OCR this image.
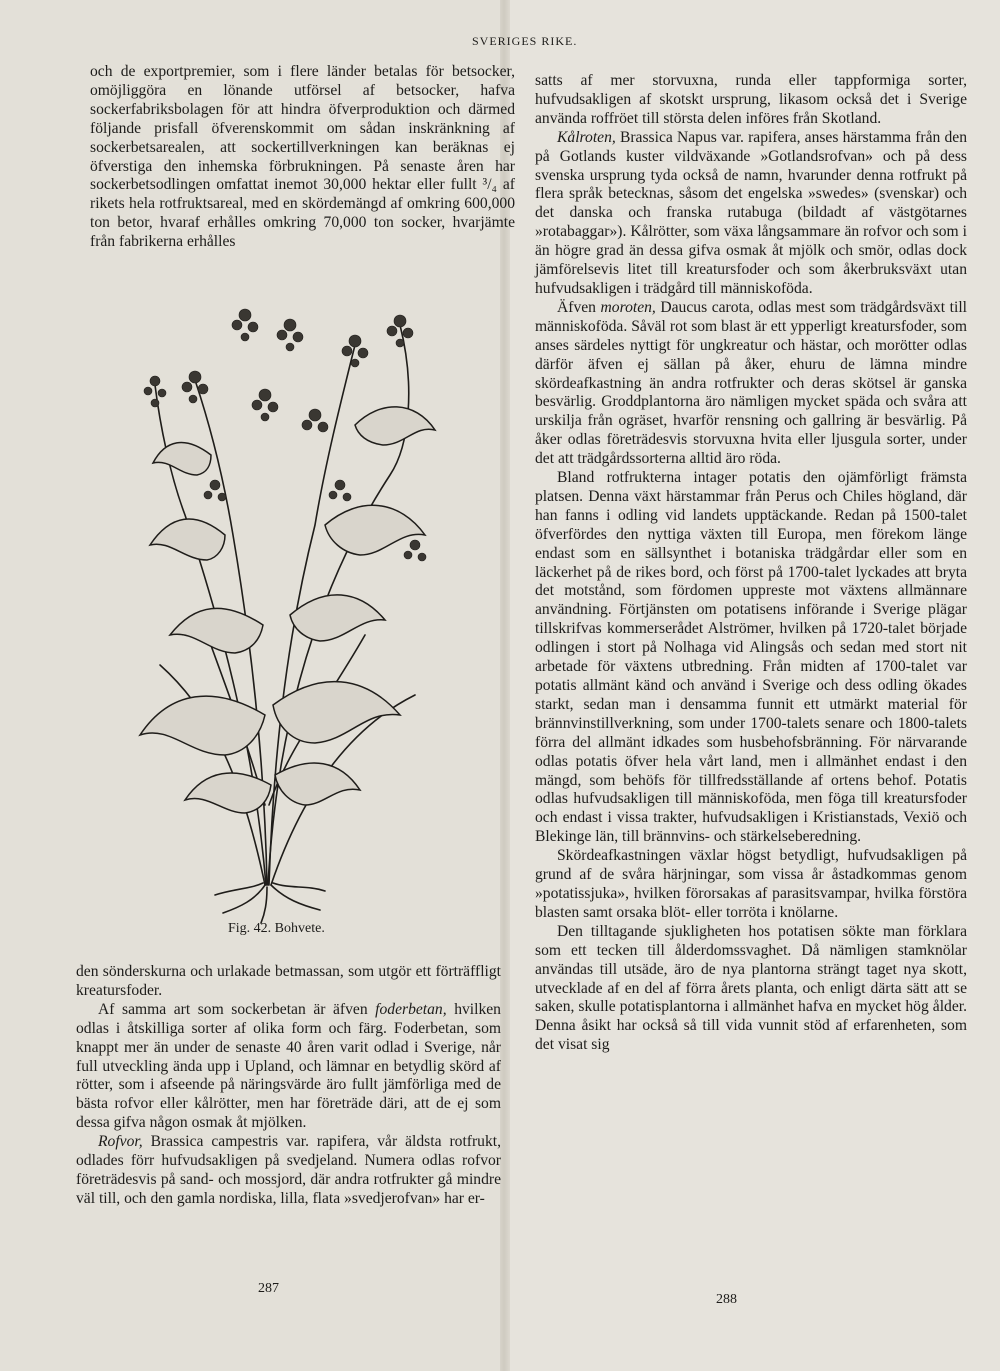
SVERIGES RIKE.

och de exportpremier, som i flere länder betalas för betsocker, omöjliggöra en lönande utförsel af betsocker, hafva sockerfabriksbolagen för att hindra öfverproduktion och därmed följande prisfall öfverenskommit om sådan inskränkning af sockerbetsarealen, att sockertillverkningen kan beräknas ej öfverstiga den inhemska förbrukningen. På senaste åren har sockerbetsodlingen omfattat inemot 30,000 hektar eller fullt ³/₄ af rikets hela rotfruktsareal, med en skördemängd af omkring 600,000 ton betor, hvaraf erhålles omkring 70,000 ton socker, hvarjämte från fabrikerna erhålles

Fig. 42. Bohvete.

den sönderskurna och urlakade betmassan, som utgör ett förträffligt kreatursfoder.

Af samma art som sockerbetan är äfven foderbetan, hvilken odlas i åtskilliga sorter af olika form och färg. Foderbetan, som knappt mer än under de senaste 40 åren varit odlad i Sverige, når full utveckling ända upp i Upland, och lämnar en betydlig skörd af rötter, som i afseende på näringsvärde äro fullt jämförliga med de bästa rofvor eller kålrötter, men har företräde däri, att de ej som dessa gifva någon osmak åt mjölken.

Rofvor, Brassica campestris var. rapifera, vår äldsta rotfrukt, odlades förr hufvudsakligen på svedjeland. Numera odlas rofvor företrädesvis på sand- och mossjord, där andra rotfrukter gå mindre väl till, och den gamla nordiska, lilla, flata »svedjerofvan» har er-

287

satts af mer storvuxna, runda eller tappformiga sorter, hufvudsakligen af skotskt ursprung, likasom också det i Sverige använda roffröet till största delen införes från Skotland.

Kålroten, Brassica Napus var. rapifera, anses härstamma från den på Gotlands kuster vildväxande »Gotlandsrofvan» och på dess svenska ursprung tyda också de namn, hvarunder denna rotfrukt på flera språk betecknas, såsom det engelska »swedes» (svenskar) och det danska och franska rutabuga (bildadt af västgötarnes »rotabaggar»). Kålrötter, som växa långsammare än rofvor och som i än högre grad än dessa gifva osmak åt mjölk och smör, odlas dock jämförelsevis litet till kreatursfoder och som åkerbruksväxt utan hufvudsakligen i trädgård till människoföda.

Äfven moroten, Daucus carota, odlas mest som trädgårdsväxt till människoföda. Såväl rot som blast är ett ypperligt kreatursfoder, som anses särdeles nyttigt för ungkreatur och hästar, och morötter odlas därför äfven ej sällan på åker, ehuru de lämna mindre skördeafkastning än andra rotfrukter och deras skötsel är ganska besvärlig. Groddplantorna äro nämligen mycket späda och svåra att urskilja från ogräset, hvarför rensning och gallring är besvärlig. På åker odlas företrädesvis storvuxna hvita eller ljusgula sorter, under det att trädgårdssorterna alltid äro röda.

Bland rotfrukterna intager potatis den ojämförligt främsta platsen. Denna växt härstammar från Perus och Chiles högland, där han fanns i odling vid landets upptäckande. Redan på 1500-talet öfverfördes den nyttiga växten till Europa, men förekom länge endast som en sällsynthet i botaniska trädgårdar eller som en läckerhet på de rikes bord, och först på 1700-talet lyckades att bryta det motstånd, som fördomen uppreste mot växtens allmännare användning. Förtjänsten om potatisens införande i Sverige plägar tillskrifvas kommerserådet Alströmer, hvilken på 1720-talet började odlingen i stort på Nolhaga vid Alingsås och sedan med stort nit arbetade för växtens utbredning. Från midten af 1700-talet var potatis allmänt känd och använd i Sverige och dess odling ökades starkt, sedan man i densamma funnit ett utmärkt material för brännvinstillverkning, som under 1700-talets senare och 1800-talets förra del allmänt idkades som husbehofsbränning. För närvarande odlas potatis öfver hela vårt land, men i allmänhet endast i den mängd, som behöfs för tillfredsställande af ortens behof. Potatis odlas hufvudsakligen till människoföda, men föga till kreatursfoder och endast i vissa trakter, hufvudsakligen i Kristianstads, Vexiö och Blekinge län, till brännvins- och stärkelseberedning.

Skördeafkastningen växlar högst betydligt, hufvudsakligen på grund af de svåra härjningar, som vissa år åstadkommas genom »potatissjuka», hvilken förorsakas af parasitsvampar, hvilka förstöra blasten samt orsaka blöt- eller torröta i knölarne.

Den tilltagande sjukligheten hos potatisen sökte man förklara som ett tecken till ålderdomssvaghet. Då nämligen stamknölar användas till utsäde, äro de nya plantorna strängt taget nya skott, utvecklade af en del af förra årets planta, och enligt därta sätt att se saken, skulle potatisplantorna i allmänhet hafva en mycket hög ålder. Denna åsikt har också så till vida vunnit stöd af erfarenheten, som det visat sig

288
